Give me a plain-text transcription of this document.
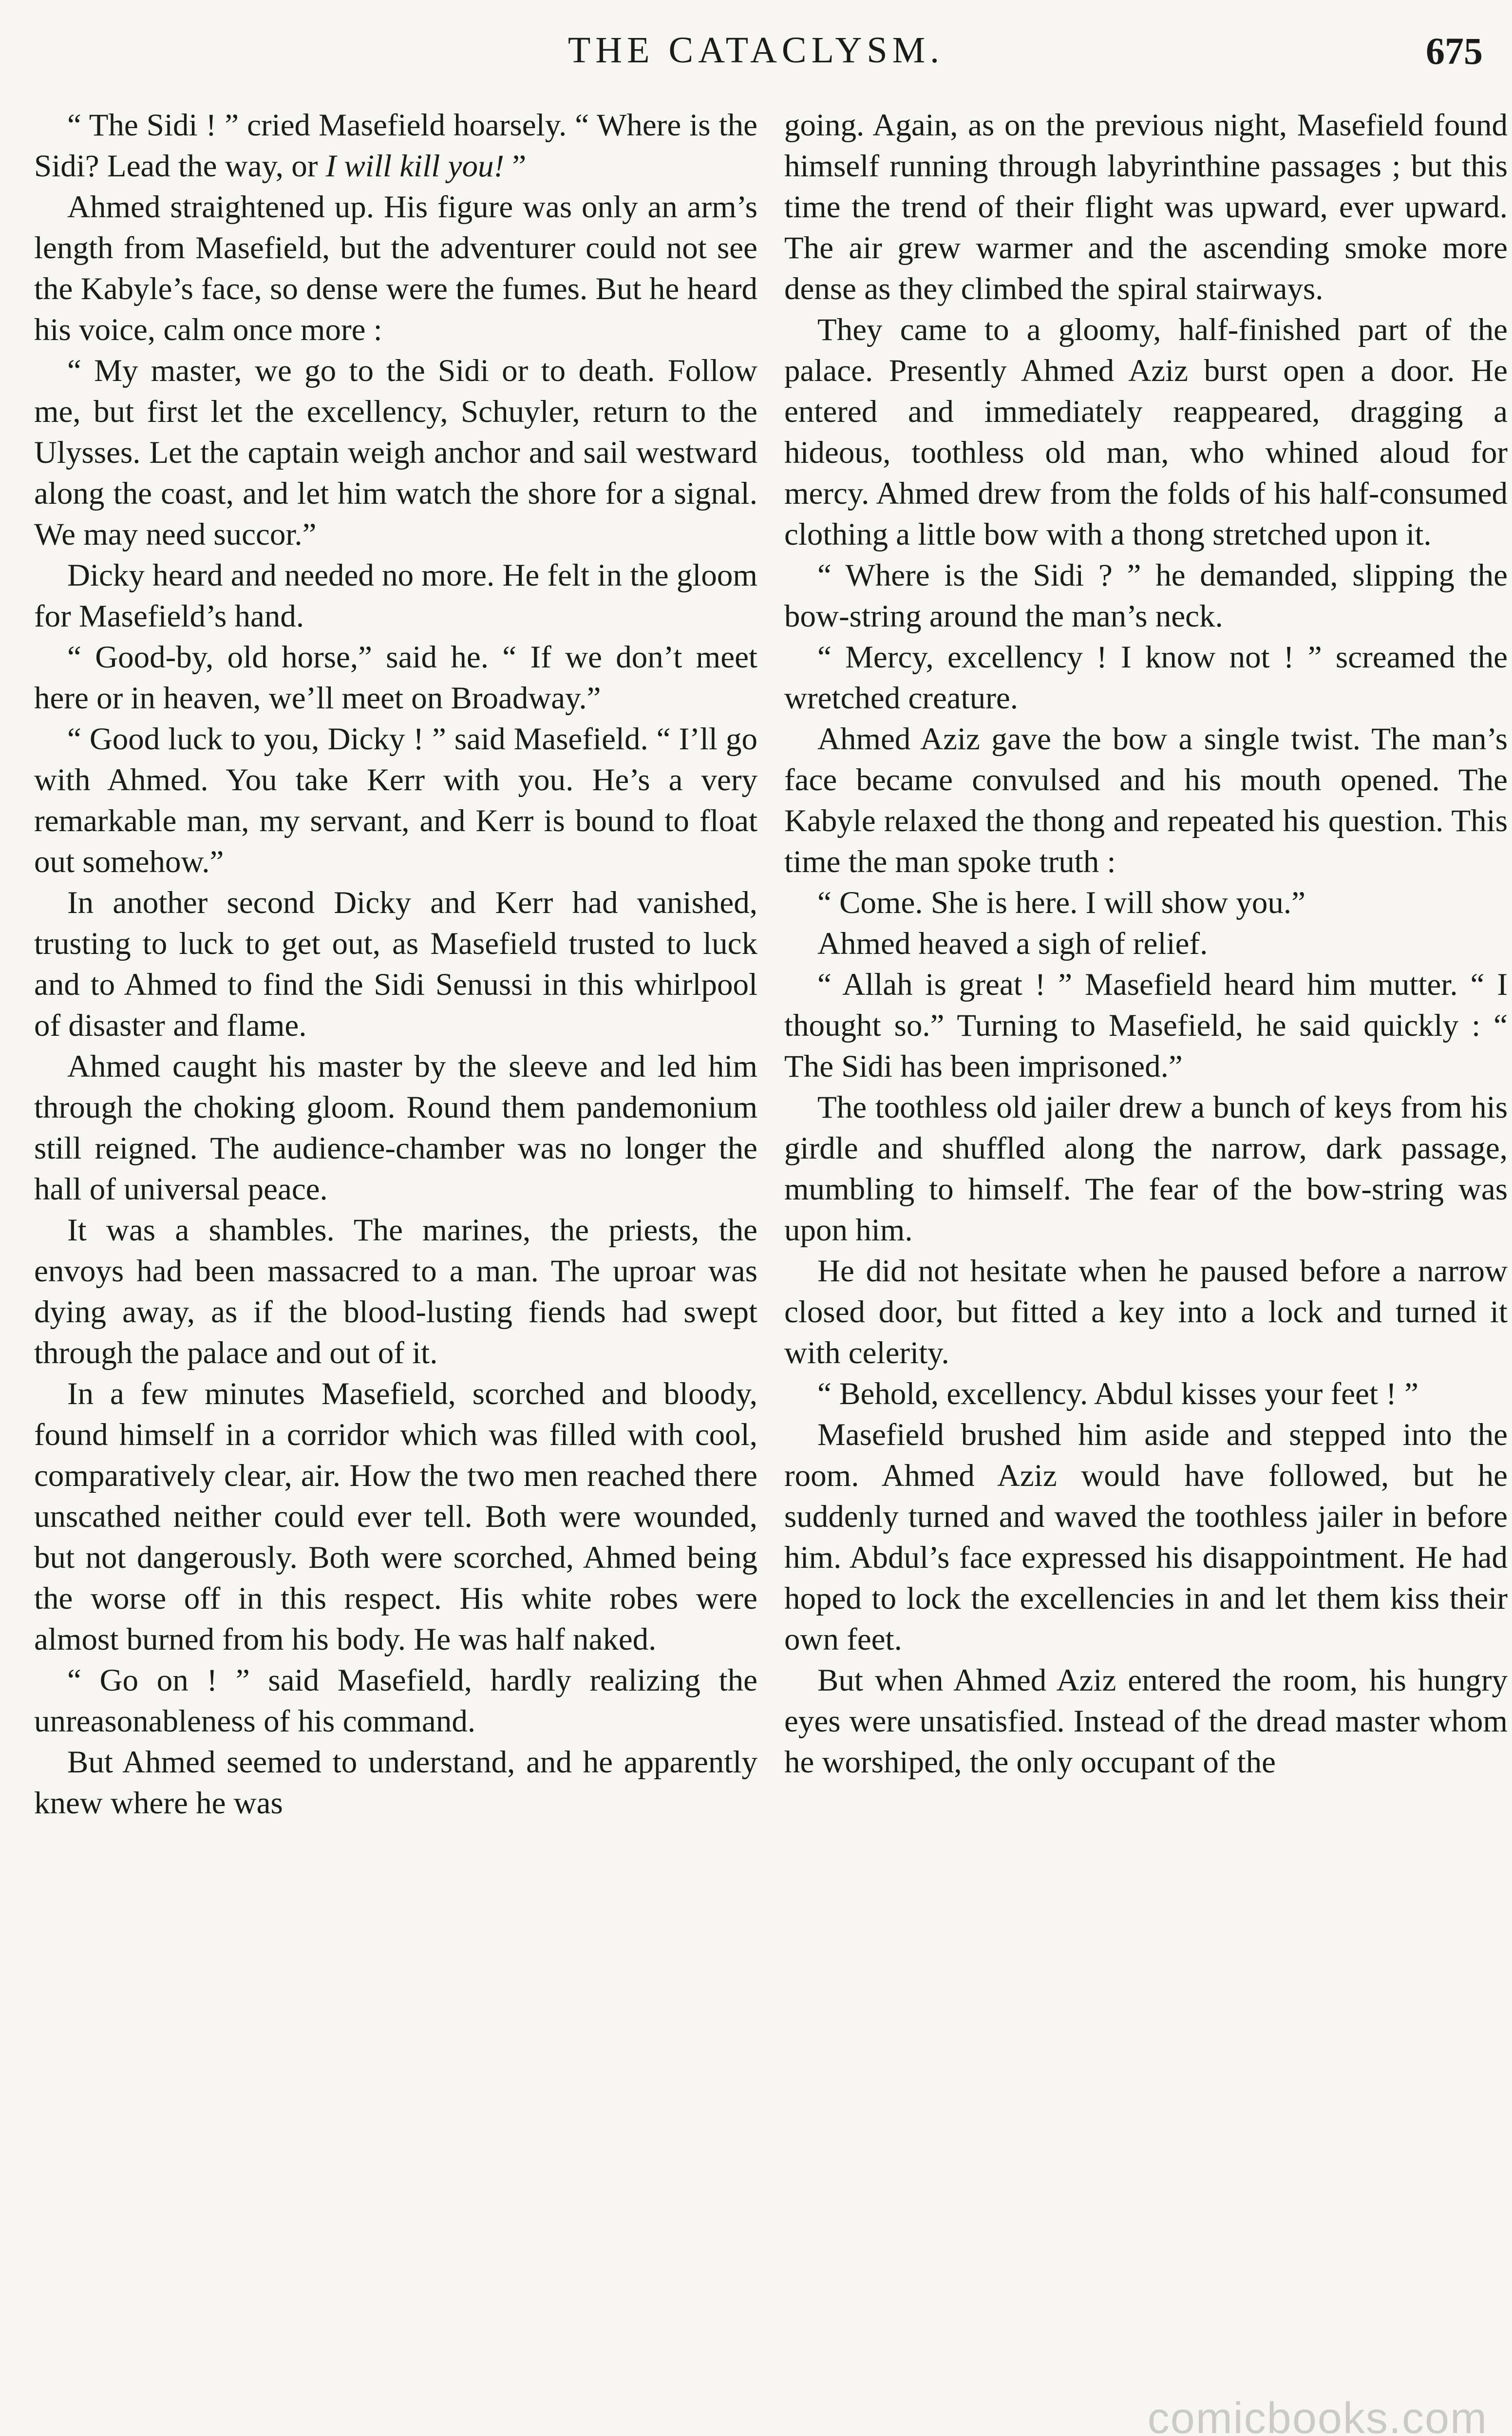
THE CATACLYSM.	675

“ The Sidi ! ” cried Masefield hoarsely. “ Where is the Sidi? Lead the way, or I will kill you! ”

Ahmed straightened up. His figure was only an arm’s length from Masefield, but the adventurer could not see the Kabyle’s face, so dense were the fumes. But he heard his voice, calm once more :

“ My master, we go to the Sidi or to death. Follow me, but first let the excellency, Schuyler, return to the Ulysses. Let the captain weigh anchor and sail westward along the coast, and let him watch the shore for a signal. We may need succor.”

Dicky heard and needed no more. He felt in the gloom for Masefield’s hand.

“ Good-by, old horse,” said he. “ If we don’t meet here or in heaven, we’ll meet on Broadway.”

“ Good luck to you, Dicky ! ” said Masefield. “ I’ll go with Ahmed. You take Kerr with you. He’s a very remarkable man, my servant, and Kerr is bound to float out somehow.”

In another second Dicky and Kerr had vanished, trusting to luck to get out, as Masefield trusted to luck and to Ahmed to find the Sidi Senussi in this whirlpool of disaster and flame.

Ahmed caught his master by the sleeve and led him through the choking gloom. Round them pandemonium still reigned. The audience-chamber was no longer the hall of universal peace.

It was a shambles. The marines, the priests, the envoys had been massacred to a man. The uproar was dying away, as if the blood-lusting fiends had swept through the palace and out of it.

In a few minutes Masefield, scorched and bloody, found himself in a corridor which was filled with cool, comparatively clear, air. How the two men reached there unscathed neither could ever tell. Both were wounded, but not dangerously. Both were scorched, Ahmed being the worse off in this respect. His white robes were almost burned from his body. He was half naked.

“ Go on ! ” said Masefield, hardly realizing the unreasonableness of his command.

But Ahmed seemed to understand, and he apparently knew where he was

going. Again, as on the previous night, Masefield found himself running through labyrinthine passages ; but this time the trend of their flight was upward, ever upward. The air grew warmer and the ascending smoke more dense as they climbed the spiral stairways.

They came to a gloomy, half-finished part of the palace. Presently Ahmed Aziz burst open a door. He entered and immediately reappeared, dragging a hideous, toothless old man, who whined aloud for mercy. Ahmed drew from the folds of his half-consumed clothing a little bow with a thong stretched upon it.

“ Where is the Sidi ? ” he demanded, slipping the bow-string around the man’s neck.

“ Mercy, excellency ! I know not ! ” screamed the wretched creature.

Ahmed Aziz gave the bow a single twist. The man’s face became convulsed and his mouth opened. The Kabyle relaxed the thong and repeated his question. This time the man spoke truth :

“ Come. She is here. I will show you.”

Ahmed heaved a sigh of relief.

“ Allah is great ! ” Masefield heard him mutter. “ I thought so.” Turning to Masefield, he said quickly : “ The Sidi has been imprisoned.”

The toothless old jailer drew a bunch of keys from his girdle and shuffled along the narrow, dark passage, mumbling to himself. The fear of the bow-string was upon him.

He did not hesitate when he paused before a narrow closed door, but fitted a key into a lock and turned it with celerity.

“ Behold, excellency. Abdul kisses your feet ! ”

Masefield brushed him aside and stepped into the room. Ahmed Aziz would have followed, but he suddenly turned and waved the toothless jailer in before him. Abdul’s face expressed his disappointment. He had hoped to lock the excellencies in and let them kiss their own feet.

But when Ahmed Aziz entered the room, his hungry eyes were unsatisfied. Instead of the dread master whom he worshiped, the only occupant of the

comicbooks.com
